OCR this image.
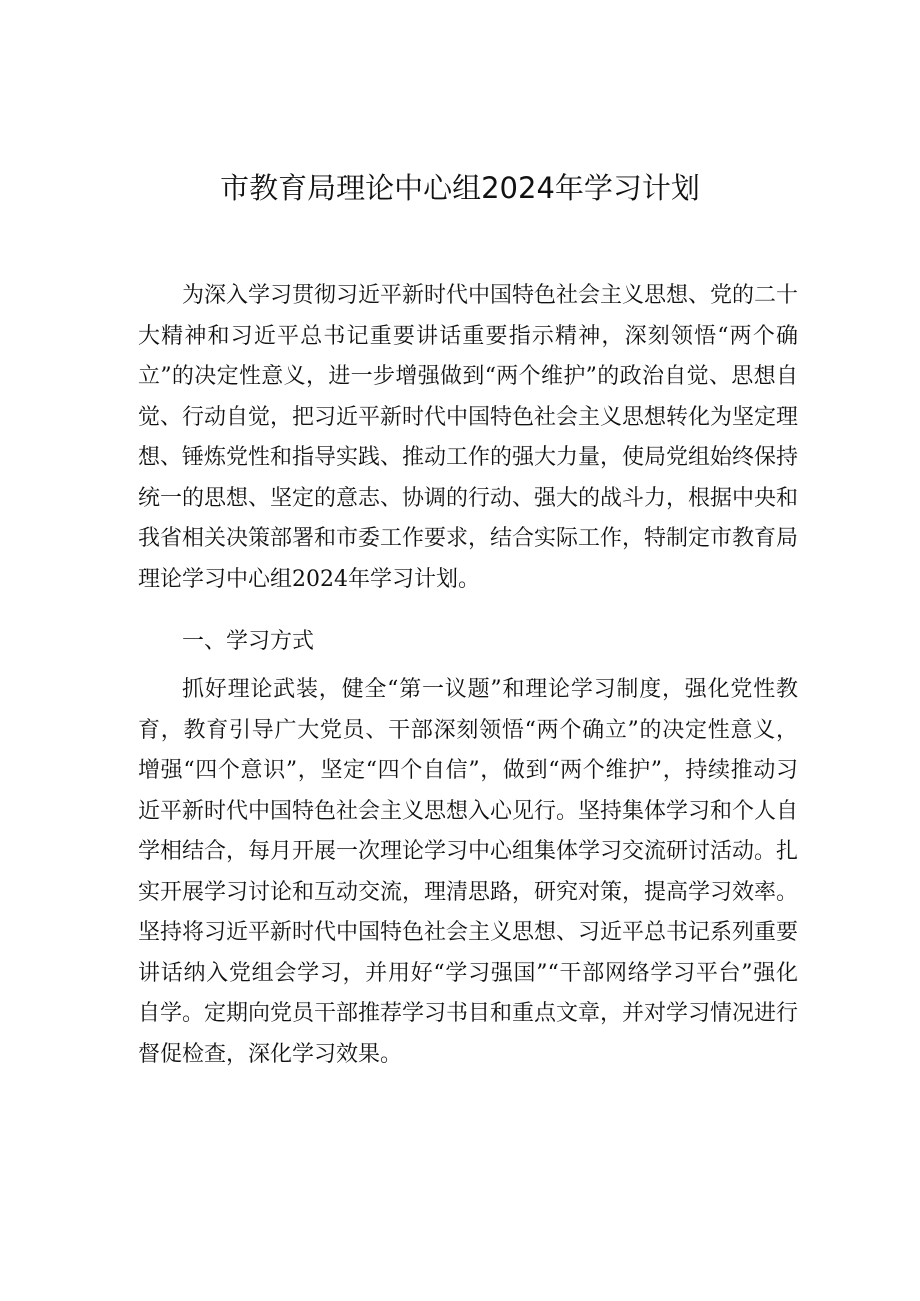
市教育局理论中心组2024年学习计划

为深入学习贯彻习近平新时代中国特色社会主义思想、党的二十大精神和习近平总书记重要讲话重要指示精神，深刻领悟“两个确立”的决定性意义，进一步增强做到“两个维护”的政治自觉、思想自觉、行动自觉，把习近平新时代中国特色社会主义思想转化为坚定理想、锤炼党性和指导实践、推动工作的强大力量，使局党组始终保持统一的思想、坚定的意志、协调的行动、强大的战斗力，根据中央和我省相关决策部署和市委工作要求，结合实际工作，特制定市教育局理论学习中心组2024年学习计划。

一、学习方式

抓好理论武装，健全“第一议题”和理论学习制度，强化党性教育，教育引导广大党员、干部深刻领悟“两个确立”的决定性意义，增强“四个意识”，坚定“四个自信”，做到“两个维护”，持续推动习近平新时代中国特色社会主义思想入心见行。坚持集体学习和个人自学相结合，每月开展一次理论学习中心组集体学习交流研讨活动。扎实开展学习讨论和互动交流，理清思路，研究对策，提高学习效率。坚持将习近平新时代中国特色社会主义思想、习近平总书记系列重要讲话纳入党组会学习，并用好“学习强国”“干部网络学习平台”强化自学。定期向党员干部推荐学习书目和重点文章，并对学习情况进行督促检查，深化学习效果。
